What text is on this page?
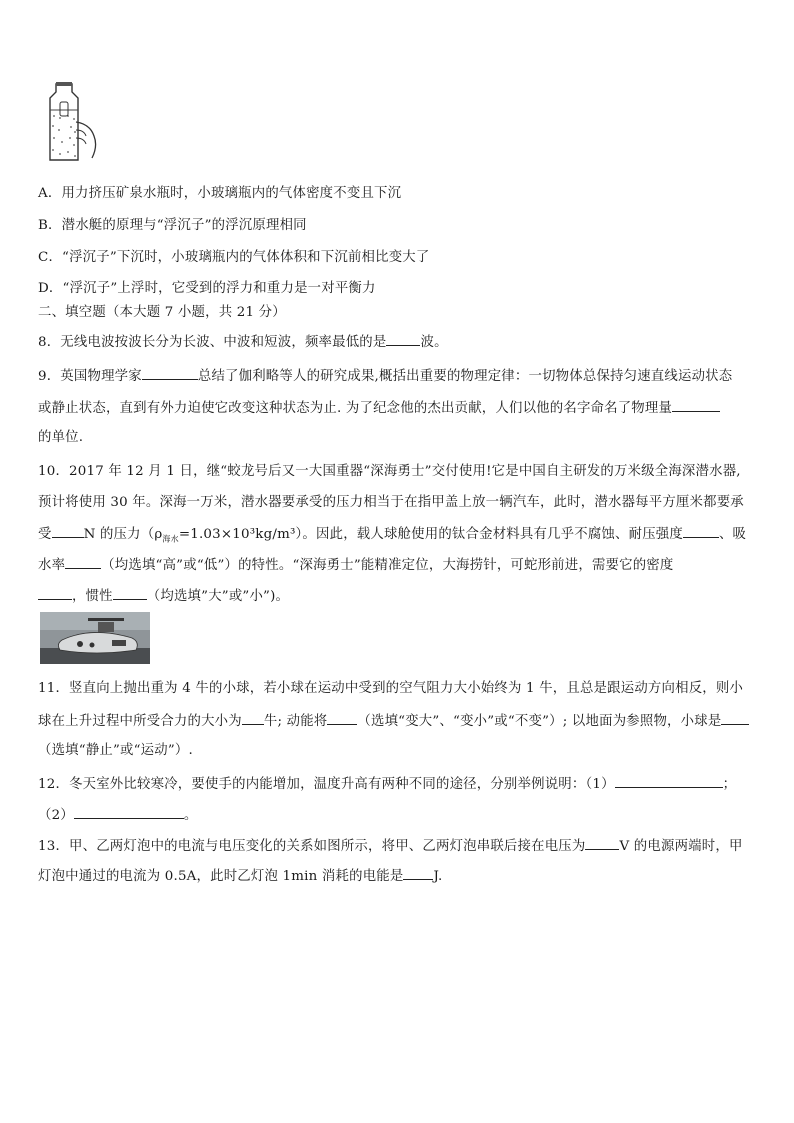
A．用力挤压矿泉水瓶时，小玻璃瓶内的气体密度不变且下沉
B．潜水艇的原理与“浮沉子”的浮沉原理相同
C．“浮沉子”下沉时，小玻璃瓶内的气体体积和下沉前相比变大了
D．“浮沉子”上浮时，它受到的浮力和重力是一对平衡力
二、填空题（本大题 7 小题，共 21 分）
8．无线电波按波长分为长波、中波和短波，频率最低的是	波。
9．英国物理学家	总结了伽利略等人的研究成果,概括出重要的物理定律：一切物体总保持匀速直线运动状态
或静止状态，直到有外力迫使它改变这种状态为止. 为了纪念他的杰出贡献，人们以他的名字命名了物理量
的单位.
10．2017 年 12 月 1 日，继“蛟龙号后又一大国重器“深海勇士”交付使用!它是中国自主研发的万米级全海深潜水器,
预计将使用 30 年。深海一万米，潜水器要承受的压力相当于在指甲盖上放一辆汽车，此时，潜水器每平方厘米都要承
受 N 的压力$(\rho_{海水}=1.03\times 10^3kg/m^3)$。因此，载人球舱使用的钛合金材料具有几乎不腐蚀、耐压强度	、吸
水率	（均选填“高”或“低”）的特性。“深海勇士”能精准定位，大海捞针，可蛇形前进，需要它的密度
，惯性	（均选填”大”或”小”)。
11．竖直向上抛出重为 4 牛的小球，若小球在运动中受到的空气阻力大小始终为 1 牛，且总是跟运动方向相反，则小
球在上升过程中所受合力的大小为 牛; 动能将 （选填“变大”、“变小”或“不变”）; 以地面为参照物，小球是
（选填“静止”或“运动”）.
12．冬天室外比较寒冷，要使手的内能增加，温度升高有两种不同的途径，分别举例说明：（1）	；
（2）	。
13．甲、乙两灯泡中的电流与电压变化的关系如图所示，将甲、乙两灯泡串联后接在电压为	V 的电源两端时，甲
灯泡中通过的电流为 0.5A，此时乙灯泡 1min 消耗的电能是 J.
